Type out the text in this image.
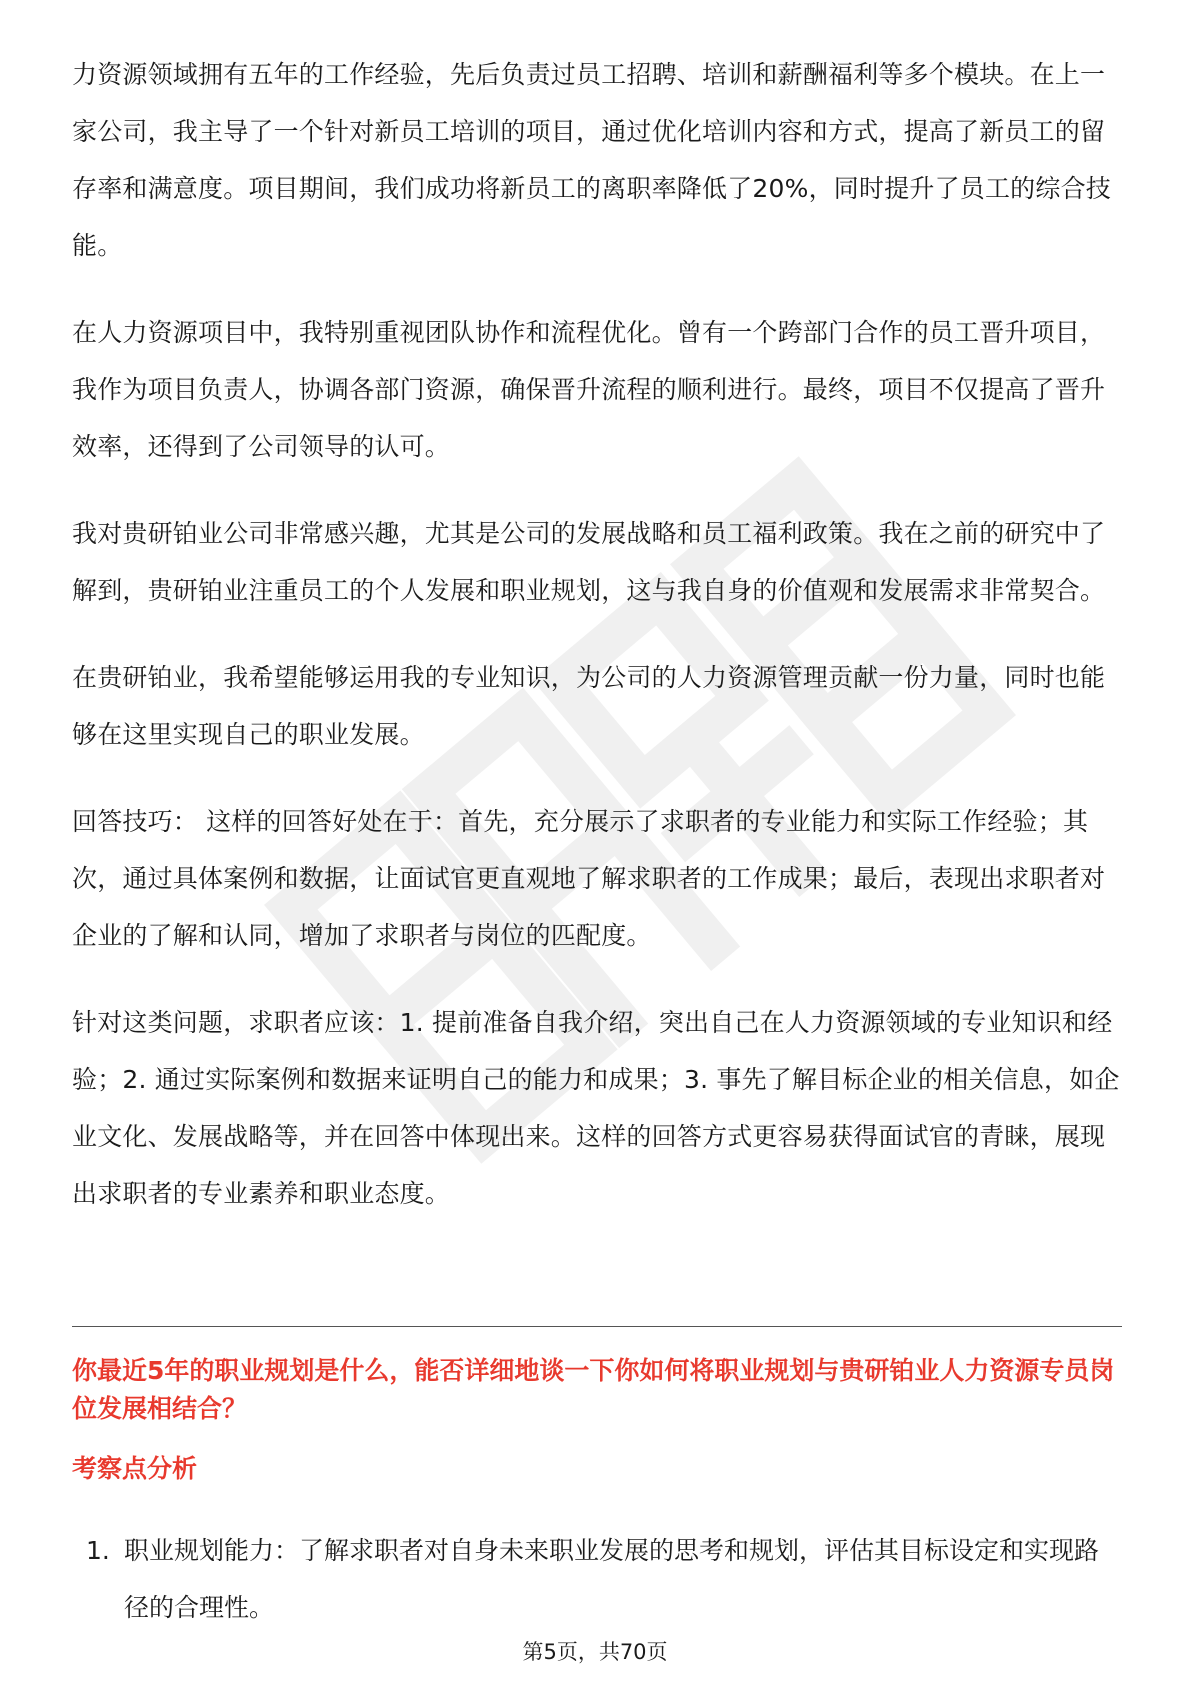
力资源领域拥有五年的工作经验，先后负责过员工招聘、培训和薪酬福利等多个模块。在上一家公司，我主导了一个针对新员工培训的项目，通过优化培训内容和方式，提高了新员工的留存率和满意度。项目期间，我们成功将新员工的离职率降低了20%，同时提升了员工的综合技能。

在人力资源项目中，我特别重视团队协作和流程优化。曾有一个跨部门合作的员工晋升项目，我作为项目负责人，协调各部门资源，确保晋升流程的顺利进行。最终，项目不仅提高了晋升效率，还得到了公司领导的认可。

我对贵研铂业公司非常感兴趣，尤其是公司的发展战略和员工福利政策。我在之前的研究中了解到，贵研铂业注重员工的个人发展和职业规划，这与我自身的价值观和发展需求非常契合。

在贵研铂业，我希望能够运用我的专业知识，为公司的人力资源管理贡献一份力量，同时也能够在这里实现自己的职业发展。

回答技巧： 这样的回答好处在于：首先，充分展示了求职者的专业能力和实际工作经验；其次，通过具体案例和数据，让面试官更直观地了解求职者的工作成果；最后，表现出求职者对企业的了解和认同，增加了求职者与岗位的匹配度。

针对这类问题，求职者应该：1. 提前准备自我介绍，突出自己在人力资源领域的专业知识和经验；2. 通过实际案例和数据来证明自己的能力和成果；3. 事先了解目标企业的相关信息，如企业文化、发展战略等，并在回答中体现出来。这样的回答方式更容易获得面试官的青睐，展现出求职者的专业素养和职业态度。

你最近5年的职业规划是什么，能否详细地谈一下你如何将职业规划与贵研铂业人力资源专员岗位发展相结合？

考察点分析

1. 职业规划能力：了解求职者对自身未来职业发展的思考和规划，评估其目标设定和实现路径的合理性。
第5页，共70页
